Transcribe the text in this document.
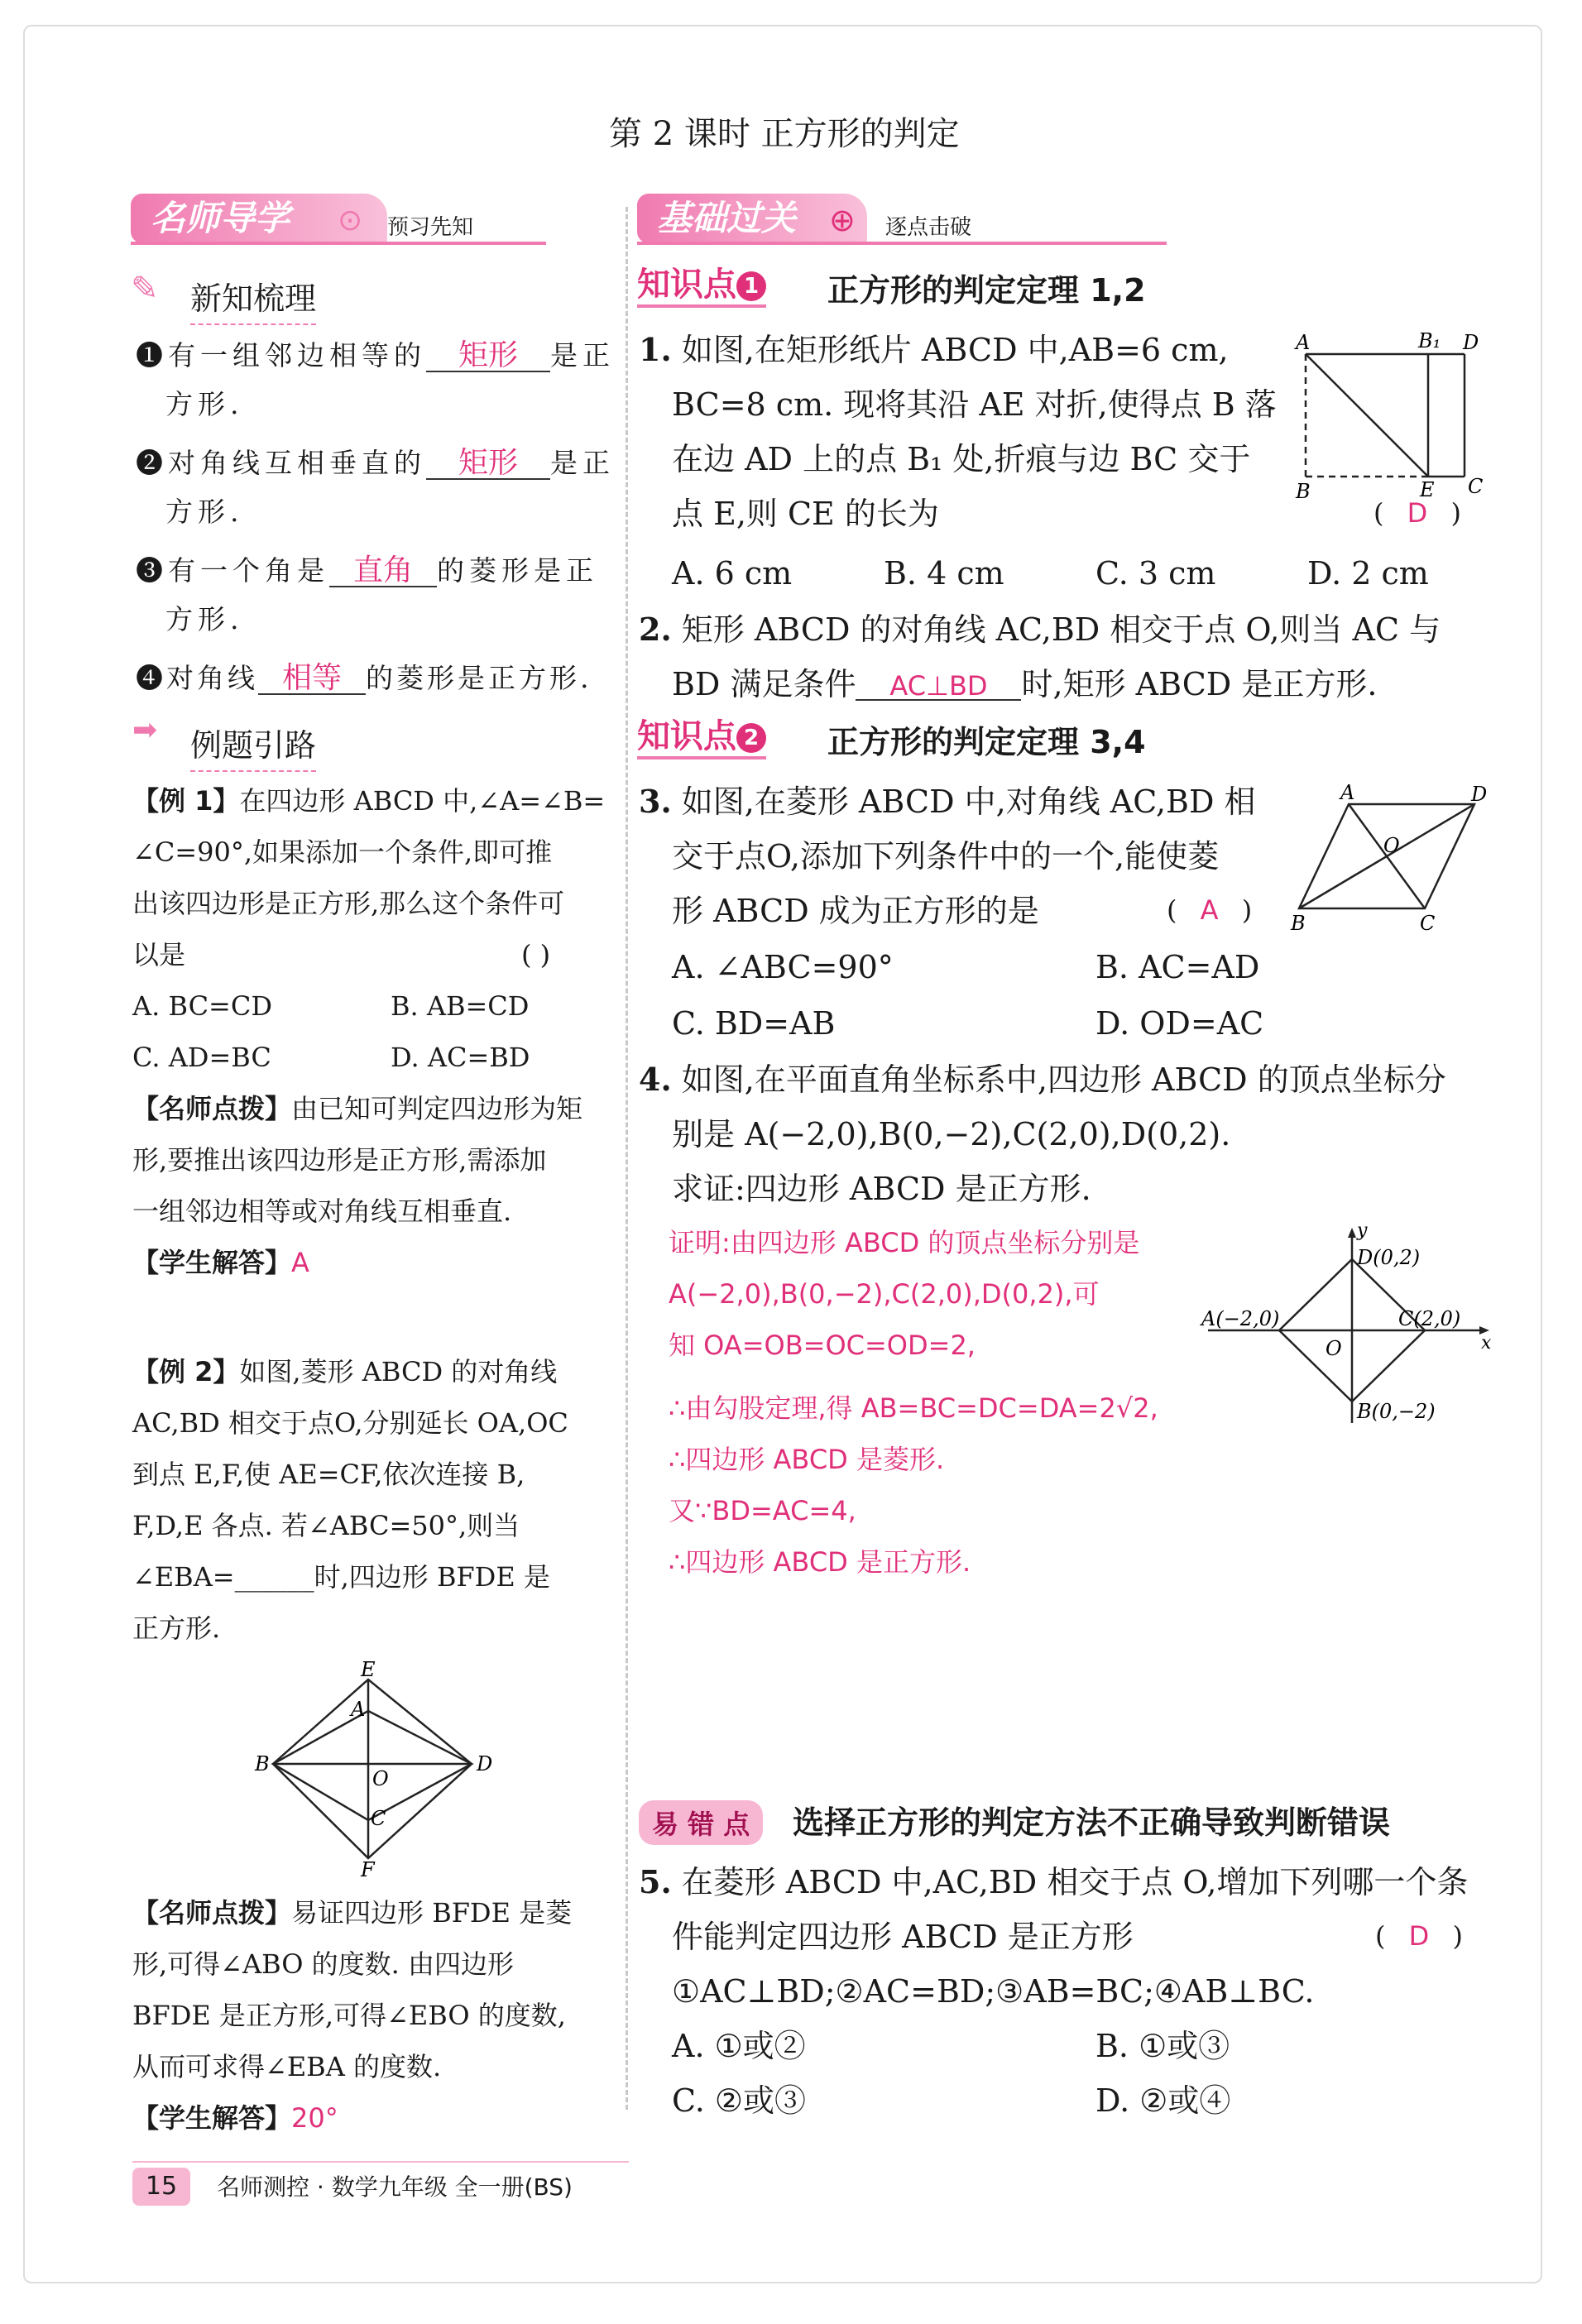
第 2 课时 正方形的判定
名师导学	⊙ 预习先知	基础过关	⊕ 逐点击破
✎ 新知梳理
❶有一组邻边相等的 矩形 是正
方形.
❷对角线互相垂直的 矩形 是正
方形.
❸有一个角是 直角 的菱形是正
方形.
❹对角线 相等 的菱形是正方形.
➡ 例题引路
【例 1】在四边形 ABCD 中,∠A=∠B=
∠C=90°,如果添加一个条件,即可推
出该四边形是正方形,那么这个条件可
以是	( )
A. BC=CD	B. AB=CD
C. AD=BC	D. AC=BD
【名师点拨】由已知可判定四边形为矩
形,要推出该四边形是正方形,需添加
一组邻边相等或对角线互相垂直.
【学生解答】A
【例 2】如图,菱形 ABCD 的对角线
AC,BD 相交于点O,分别延长 OA,OC
到点 E,F,使 AE=CF,依次连接 B,
F,D,E 各点. 若∠ABC=50°,则当
∠EBA=______时,四边形 BFDE 是
正方形.
E
A
B
O
D
C
F
【名师点拨】易证四边形 BFDE 是菱
形,可得∠ABO 的度数. 由四边形
BFDE 是正方形,可得∠EBO 的度数,
从而可求得∠EBA 的度数.
【学生解答】20°
知识点 1 正方形的判定定理 1,2
1. 如图,在矩形纸片 ABCD 中,AB=6 cm,
BC=8 cm. 现将其沿 AE 对折,使得点 B 落
在边 AD 上的点 B₁ 处,折痕与边 BC 交于
点 E,则 CE 的长为	( D )
A	B₁ D
B	E C
A. 6 cm	B. 4 cm	C. 3 cm	D. 2 cm
2. 矩形 ABCD 的对角线 AC,BD 相交于点 O,则当 AC 与
BD 满足条件 AC⊥BD 时,矩形 ABCD 是正方形.
知识点 2 正方形的判定定理 3,4
3. 如图,在菱形 ABCD 中,对角线 AC,BD 相
交于点O,添加下列条件中的一个,能使菱
形 ABCD 成为正方形的是	( A )
A	D
O
B	C
A. ∠ABC=90°	B. AC=AD
C. BD=AB	D. OD=AC
4. 如图,在平面直角坐标系中,四边形 ABCD 的顶点坐标分
别是 A(−2,0),B(0,−2),C(2,0),D(0,2).
求证:四边形 ABCD 是正方形.
证明:由四边形 ABCD 的顶点坐标分别是
A(−2,0),B(0,−2),C(2,0),D(0,2),可
知 OA=OB=OC=OD=2,
∴由勾股定理,得 AB=BC=DC=DA=2√2,
∴四边形 ABCD 是菱形.
又∵BD=AC=4,
∴四边形 ABCD 是正方形.
y
D(0,2)
A(−2,0)	C(2,0)
x
O
B(0,−2)
易 错 点	选择正方形的判定方法不正确导致判断错误
5. 在菱形 ABCD 中,AC,BD 相交于点 O,增加下列哪一个条
件能判定四边形 ABCD 是正方形	( D )
①AC⊥BD;②AC=BD;③AB=BC;④AB⊥BC.
A. ①或②	B. ①或③
C. ②或③	D. ②或④
15	名师测控 · 数学九年级 全一册(BS)
